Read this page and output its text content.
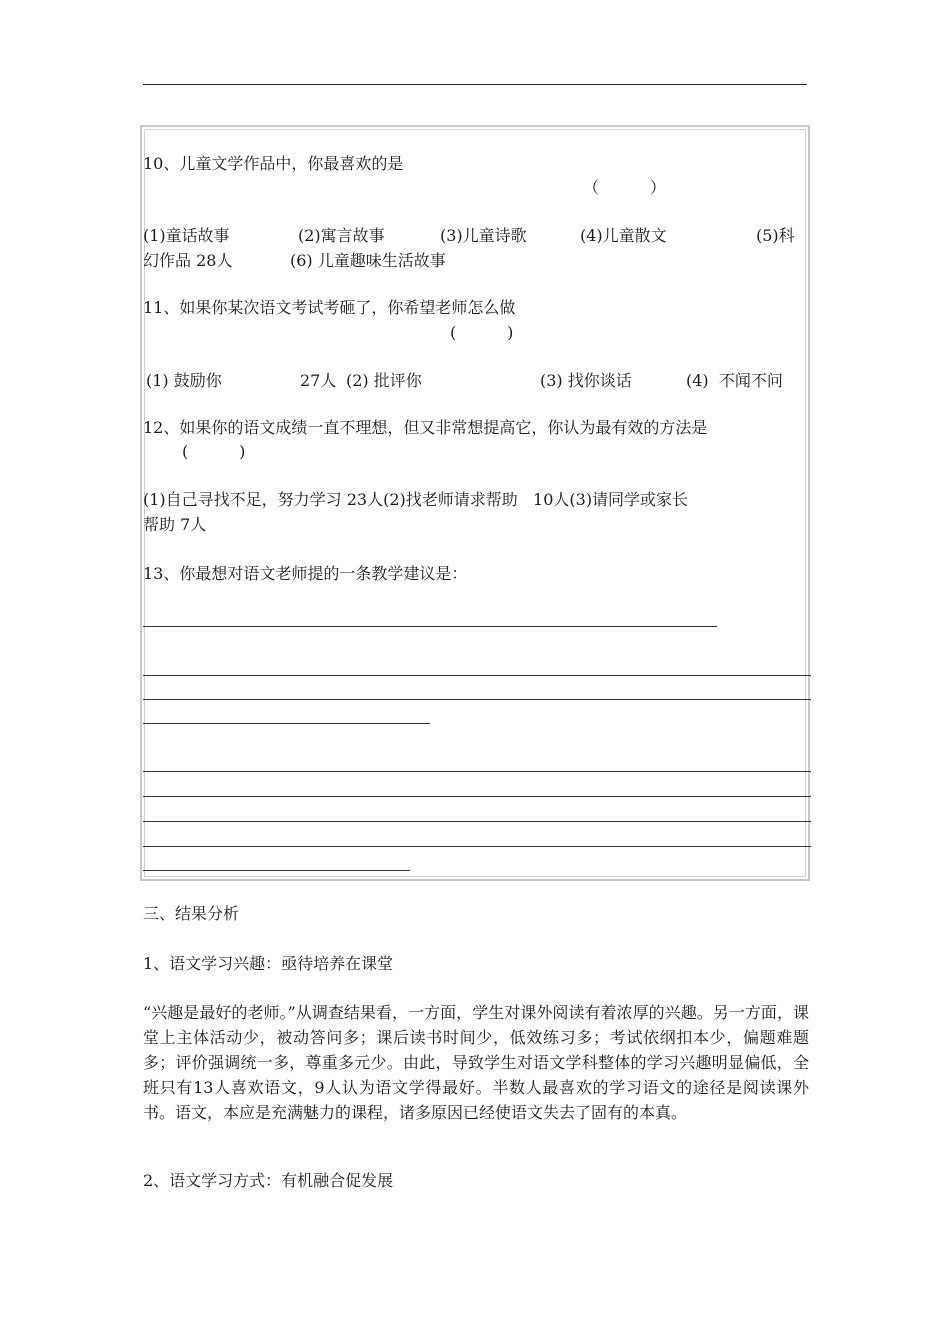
10、儿童文学作品中，你最喜欢的是
（          ）
(1)童话故事	(2)寓言故事	(3)儿童诗歌	(4)儿童散文	(5)科
幻作品 28人	(6) 儿童趣味生活故事
11、如果你某次语文考试考砸了，你希望老师怎么做
(          )
(1) 鼓励你	27人 (2) 批评你	(3) 找你谈话	(4)  不闻不问
12、如果你的语文成绩一直不理想，但又非常想提高它，你认为最有效的方法是
(          )
(1)自己寻找不足，努力学习 23人(2)找老师请求帮助   10人(3)请同学或家长
帮助 7人
13、你最想对语文老师提的一条教学建议是：
三、结果分析
1、语文学习兴趣：亟待培养在课堂
“兴趣是最好的老师。”从调查结果看，一方面，学生对课外阅读有着浓厚的兴趣。另一方面，课堂上主体活动少，被动答问多；课后读书时间少，低效练习多；考试依纲扣本少，偏题难题多；评价强调统一多，尊重多元少。由此，导致学生对语文学科整体的学习兴趣明显偏低，全班只有13人喜欢语文，9人认为语文学得最好。半数人最喜欢的学习语文的途径是阅读课外书。语文，本应是充满魅力的课程，诸多原因已经使语文失去了固有的本真。
2、语文学习方式：有机融合促发展
